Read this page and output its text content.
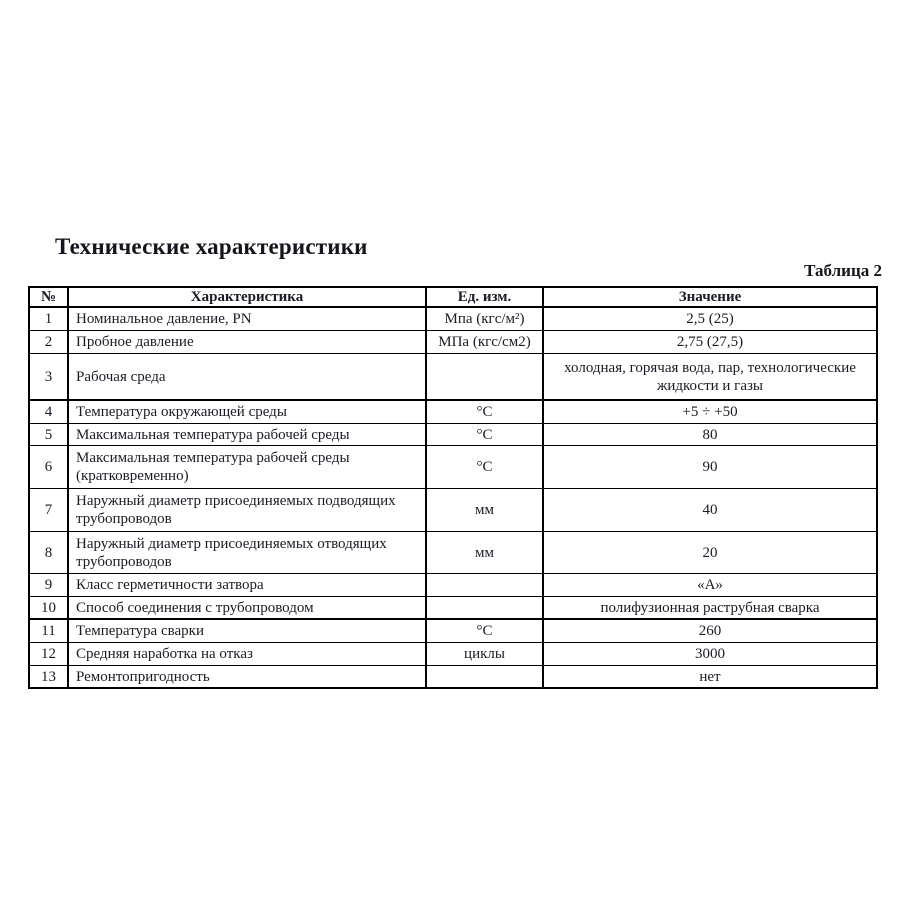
Технические характеристики
Таблица 2
№	Характеристика	Ед. изм.	Значение
1	Номинальное давление, PN	Мпа (кгс/м²)	2,5 (25)
2	Пробное давление	МПа (кгс/см2)	2,75 (27,5)
3	Рабочая среда		холодная, горячая вода, пар, технологические жидкости и газы
4	Температура окружающей среды	°С	+5 ÷ +50
5	Максимальная температура рабочей среды	°С	80
6	Максимальная температура рабочей среды (кратковременно)	°С	90
7	Наружный диаметр присоединяемых подводящих трубопроводов	мм	40
8	Наружный диаметр присоединяемых отводящих трубопроводов	мм	20
9	Класс герметичности затвора		«А»
10	Способ соединения с трубопроводом		полифузионная раструбная сварка
11	Температура сварки	°С	260
12	Средняя наработка на отказ	циклы	3000
13	Ремонтопригодность		нет
